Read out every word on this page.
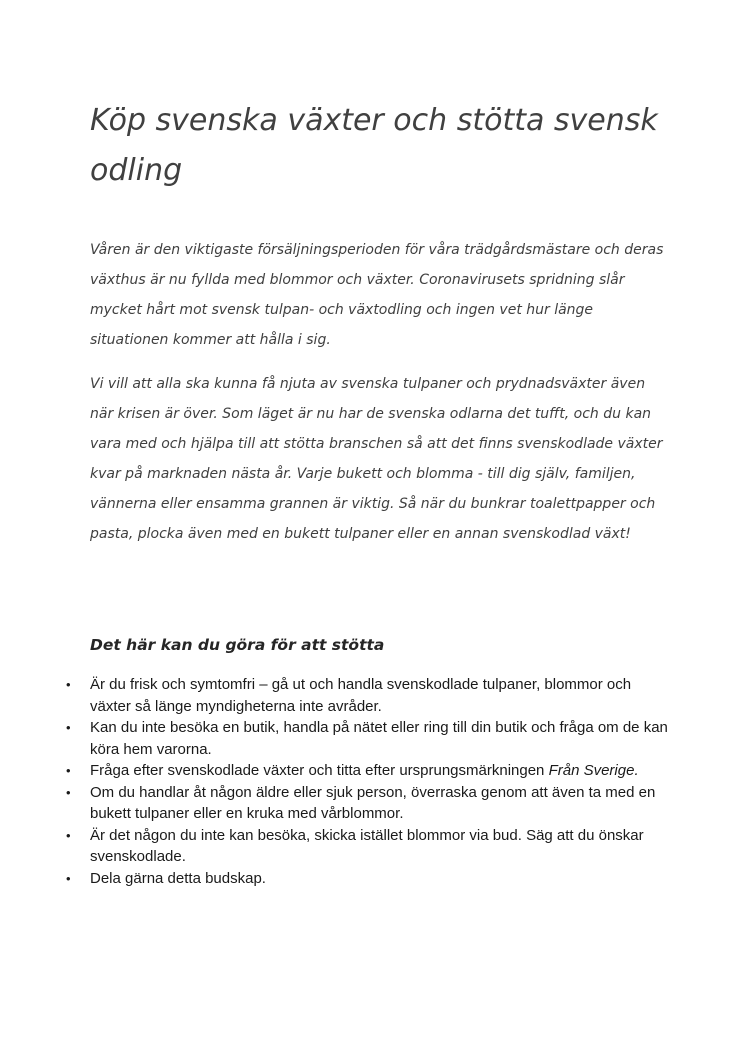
Köp svenska växter och stötta svensk odling

Våren är den viktigaste försäljningsperioden för våra trädgårdsmästare och deras växthus är nu fyllda med blommor och växter. Coronavirusets spridning slår mycket hårt mot svensk tulpan- och växtodling och ingen vet hur länge situationen kommer att hålla i sig.

Vi vill att alla ska kunna få njuta av svenska tulpaner och prydnadsväxter även när krisen är över. Som läget är nu har de svenska odlarna det tufft, och du kan vara med och hjälpa till att stötta branschen så att det finns svenskodlade växter kvar på marknaden nästa år. Varje bukett och blomma - till dig själv, familjen, vännerna eller ensamma grannen är viktig. Så när du bunkrar toalettpapper och pasta, plocka även med en bukett tulpaner eller en annan svenskodlad växt!

Det här kan du göra för att stötta
• Är du frisk och symtomfri – gå ut och handla svenskodlade tulpaner, blommor och växter så länge myndigheterna inte avråder.
• Kan du inte besöka en butik, handla på nätet eller ring till din butik och fråga om de kan köra hem varorna.
• Fråga efter svenskodlade växter och titta efter ursprungsmärkningen Från Sverige.
• Om du handlar åt någon äldre eller sjuk person, överraska genom att även ta med en bukett tulpaner eller en kruka med vårblommor.
• Är det någon du inte kan besöka, skicka istället blommor via bud. Säg att du önskar svenskodlade.
• Dela gärna detta budskap.
